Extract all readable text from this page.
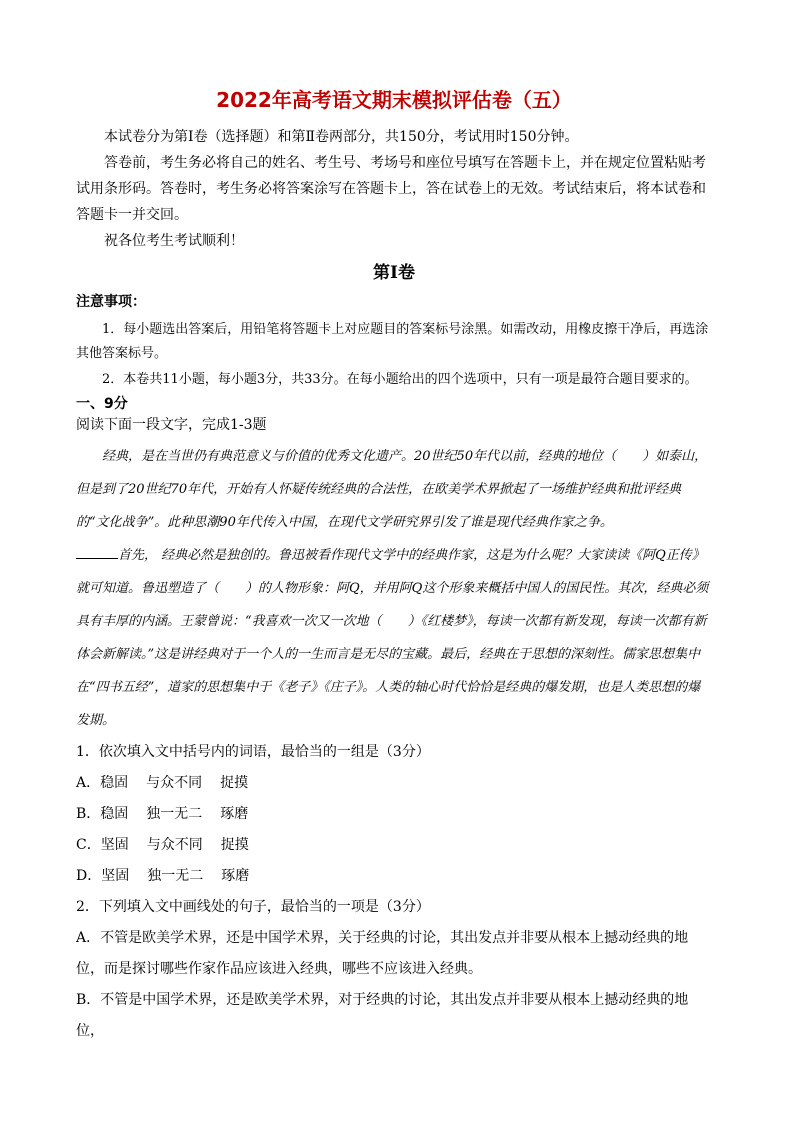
2022年高考语文期末模拟评估卷（五）

本试卷分为第Ⅰ卷（选择题）和第Ⅱ卷两部分，共150分，考试用时150分钟。

答卷前，考生务必将自己的姓名、考生号、考场号和座位号填写在答题卡上，并在规定位置粘贴考试用条形码。答卷时，考生务必将答案涂写在答题卡上，答在试卷上的无效。考试结束后，将本试卷和答题卡一并交回。

祝各位考生考试顺利！

第Ⅰ卷
注意事项：

1．每小题选出答案后，用铅笔将答题卡上对应题目的答案标号涂黑。如需改动，用橡皮擦干净后，再选涂其他答案标号。

2．本卷共11小题，每小题3分，共33分。在每小题给出的四个选项中，只有一项是最符合题目要求的。

一、9分
阅读下面一段文字，完成1-3题

经典，是在当世仍有典范意义与价值的优秀文化遗产。20世纪50年代以前，经典的地位（　　）如泰山，但是到了20世纪70年代，开始有人怀疑传统经典的合法性，在欧美学术界掀起了一场维护经典和批评经典的“文化战争”。此种思潮90年代传入中国，在现代文学研究界引发了谁是现代经典作家之争。

首先， 经典必然是独创的。鲁迅被看作现代文学中的经典作家，这是为什么呢？大家读读《阿Q正传》就可知道。鲁迅塑造了（　　）的人物形象：阿Q，并用阿Q这个形象来概括中国人的国民性。其次，经典必须具有丰厚的内涵。王蒙曾说：“我喜欢一次又一次地（　　）《红楼梦》，每读一次都有新发现，每读一次都有新体会新解读。”这是讲经典对于一个人的一生而言是无尽的宝藏。最后，经典在于思想的深刻性。儒家思想集中在“四书五经”，道家的思想集中于《老子》《庄子》。人类的轴心时代恰恰是经典的爆发期，也是人类思想的爆发期。

1．依次填入文中括号内的词语，最恰当的一组是（3分）

A．稳固 与众不同 捉摸
B．稳固 独一无二 琢磨
C．坚固 与众不同 捉摸
D．坚固 独一无二 琢磨

2．下列填入文中画线处的句子，最恰当的一项是（3分）

A．不管是欧美学术界，还是中国学术界，关于经典的讨论，其出发点并非要从根本上撼动经典的地位，而是探讨哪些作家作品应该进入经典，哪些不应该进入经典。

B．不管是中国学术界，还是欧美学术界，对于经典的讨论，其出发点并非要从根本上撼动经典的地位，
